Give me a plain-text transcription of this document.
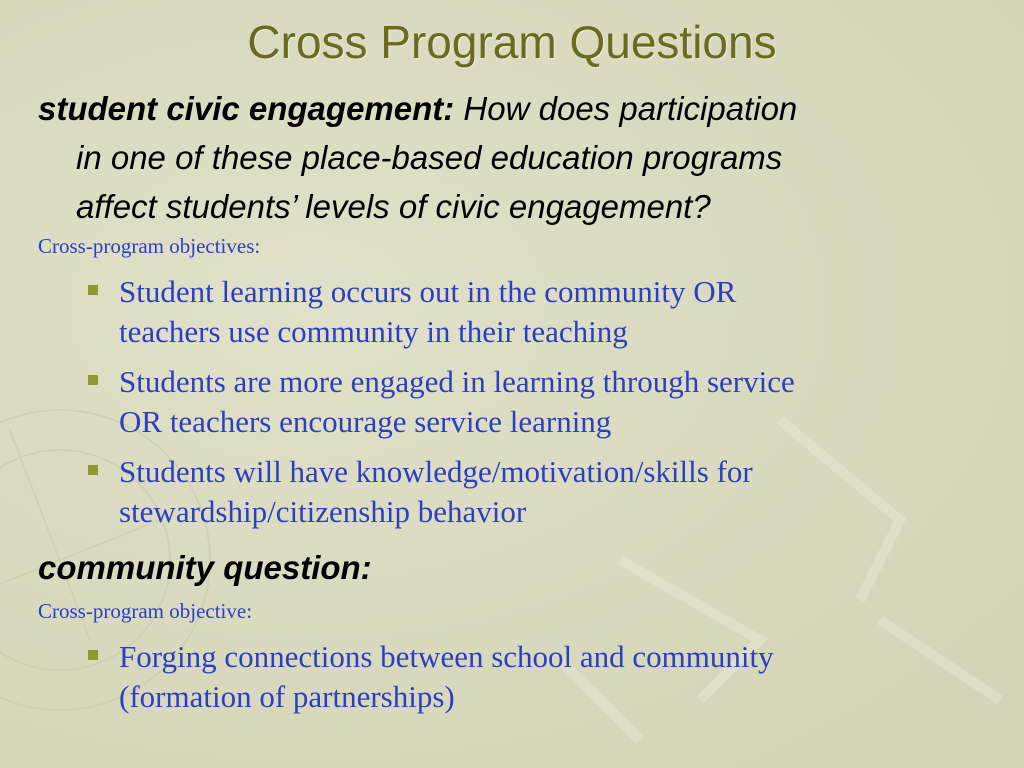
Cross Program Questions
student civic engagement: How does participation
in one of these place-based education programs
affect students’ levels of civic engagement?
Cross-program objectives:
Student learning occurs out in the community OR
teachers use community in their teaching
Students are more engaged in learning through service
OR teachers encourage service learning
Students will have knowledge/motivation/skills for
stewardship/citizenship behavior
community question:
Cross-program objective:
Forging connections between school and community
(formation of partnerships)
